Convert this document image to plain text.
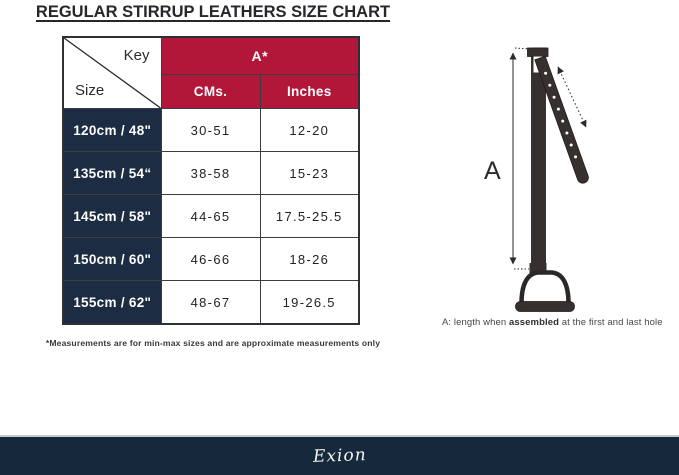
REGULAR STIRRUP LEATHERS SIZE CHART
Key
Size	A*	
	CMs.	Inches
120cm / 48"	30-51	12-20
135cm / 54“	38-58	15-23
145cm / 58"	44-65	17.5-25.5
150cm / 60"	46-66	18-26
155cm / 62"	48-67	19-26.5
*Measurements are for min-max sizes and are approximate measurements only
A
A: length when assembled at the first and last hole
Exion
